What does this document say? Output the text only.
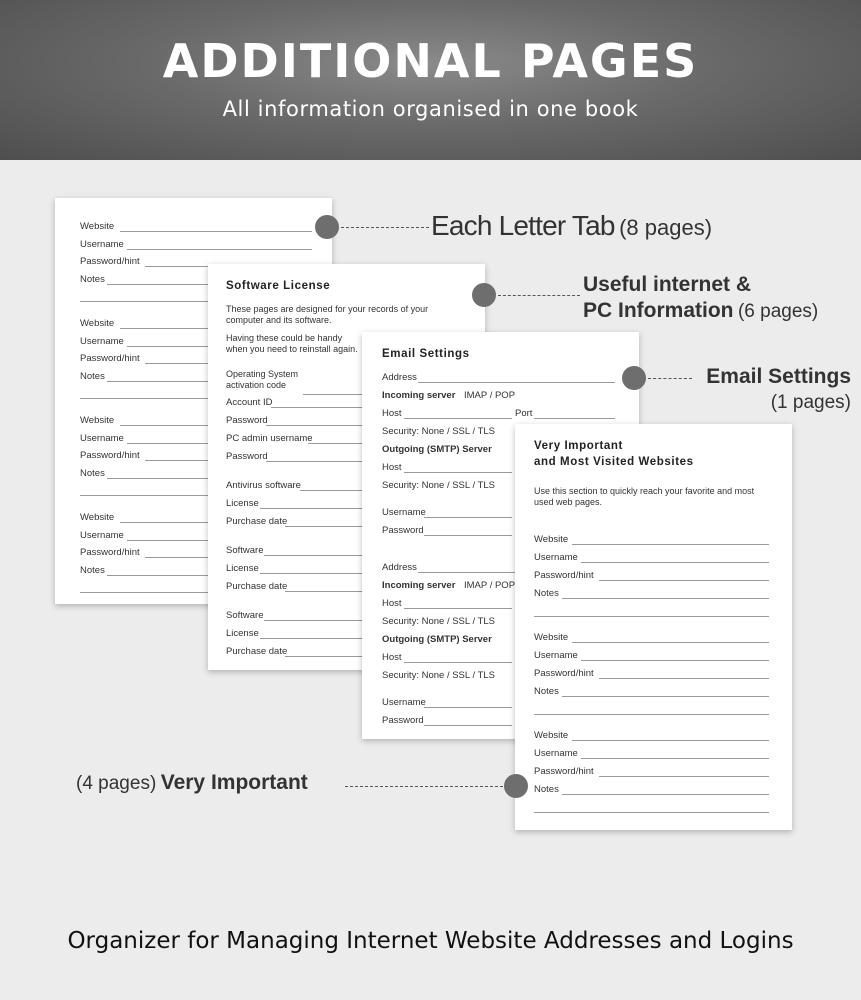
ADDITIONAL PAGES
All information organised in one book
Website
Username
Password/hint
Notes
Website
Username
Password/hint
Notes
Website
Username
Password/hint
Notes
Website
Username
Password/hint
Notes
Software License
These pages are designed for your records of your computer and its software.
Having these could be handy when you need to reinstall again.
Operating System activation code
Account ID
Password
PC admin username
Password
Antivirus software
License
Purchase date
Software
License
Purchase date
Software
License
Purchase date
Email Settings
Address
Incoming server IMAP / POP
Host	Port
Security: None / SSL / TLS
Outgoing (SMTP) Server
Host
Security: None / SSL / TLS
Address
Incoming server IMAP / POP
Host
Security: None / SSL / TLS
Outgoing (SMTP) Server
Host
Security: None / SSL / TLS
Username
Password
Username
Password
Very Important
and Most Visited Websites
Use this section to quickly reach your favorite and most used web pages.
Website
Username
Password/hint
Notes
Website
Username
Password/hint
Notes
Website
Username
Password/hint
Notes
Each Letter Tab (8 pages)
Useful internet &
PC Information (6 pages)
Email Settings
(1 pages)
(4 pages) Very Important
Organizer for Managing Internet Website Addresses and Logins
